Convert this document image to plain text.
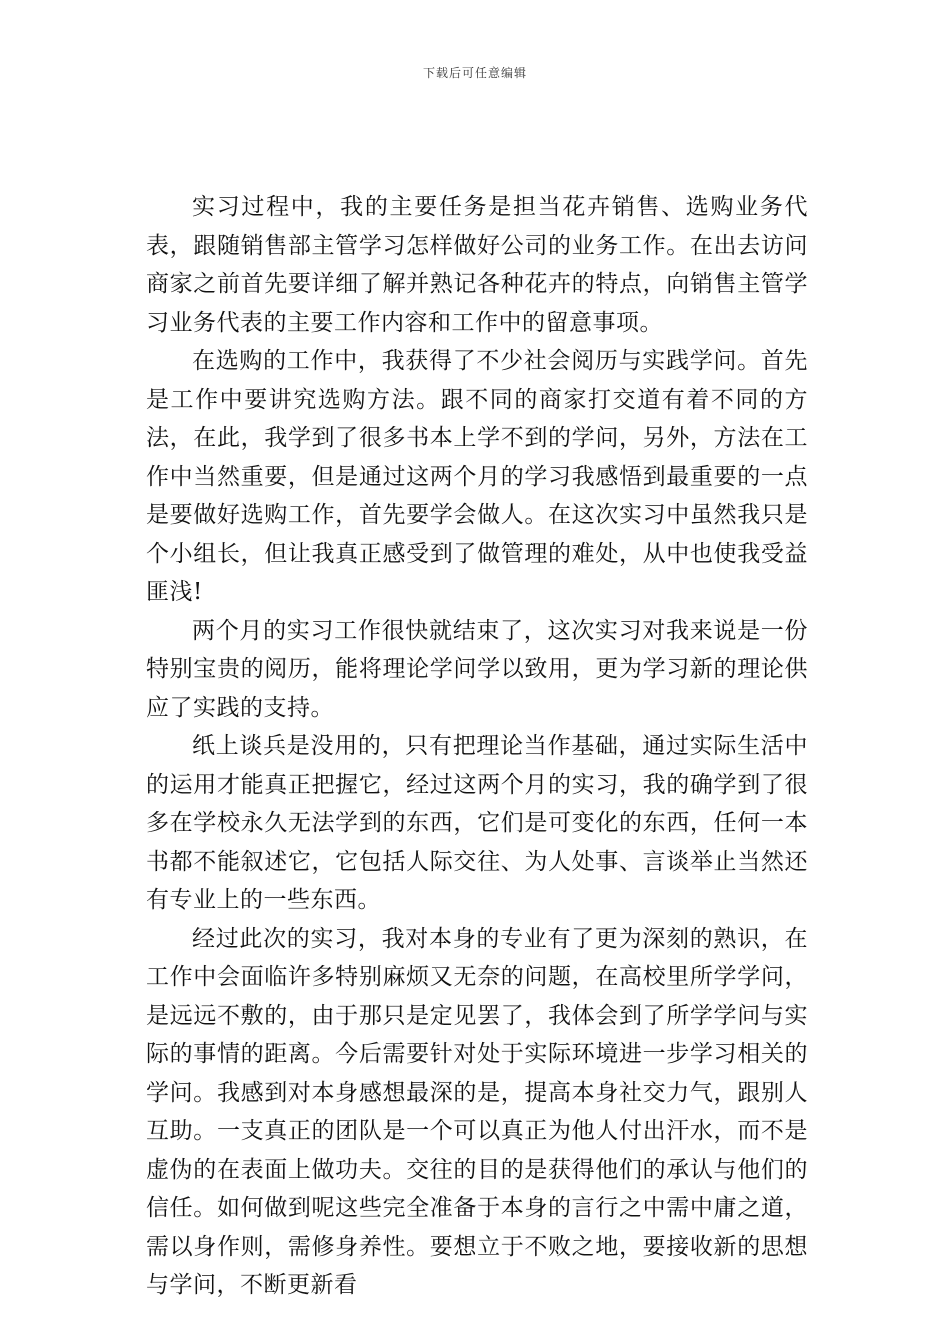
下载后可任意编辑

实习过程中，我的主要任务是担当花卉销售、选购业务代表，跟随销售部主管学习怎样做好公司的业务工作。在出去访问商家之前首先要详细了解并熟记各种花卉的特点，向销售主管学习业务代表的主要工作内容和工作中的留意事项。

在选购的工作中，我获得了不少社会阅历与实践学问。首先是工作中要讲究选购方法。跟不同的商家打交道有着不同的方法，在此，我学到了很多书本上学不到的学问，另外，方法在工作中当然重要，但是通过这两个月的学习我感悟到最重要的一点是要做好选购工作，首先要学会做人。在这次实习中虽然我只是个小组长，但让我真正感受到了做管理的难处，从中也使我受益匪浅!

两个月的实习工作很快就结束了，这次实习对我来说是一份特别宝贵的阅历，能将理论学问学以致用，更为学习新的理论供应了实践的支持。

纸上谈兵是没用的，只有把理论当作基础，通过实际生活中的运用才能真正把握它，经过这两个月的实习，我的确学到了很多在学校永久无法学到的东西，它们是可变化的东西，任何一本书都不能叙述它，它包括人际交往、为人处事、言谈举止当然还有专业上的一些东西。

经过此次的实习，我对本身的专业有了更为深刻的熟识，在工作中会面临许多特别麻烦又无奈的问题，在高校里所学学问，是远远不敷的，由于那只是定见罢了，我体会到了所学学问与实际的事情的距离。今后需要针对处于实际环境进一步学习相关的学问。我感到对本身感想最深的是，提高本身社交力气，跟别人互助。一支真正的团队是一个可以真正为他人付出汗水，而不是虚伪的在表面上做功夫。交往的目的是获得他们的承认与他们的信任。如何做到呢这些完全准备于本身的言行之中需中庸之道，需以身作则，需修身养性。要想立于不败之地，要接收新的思想与学问，不断更新看
